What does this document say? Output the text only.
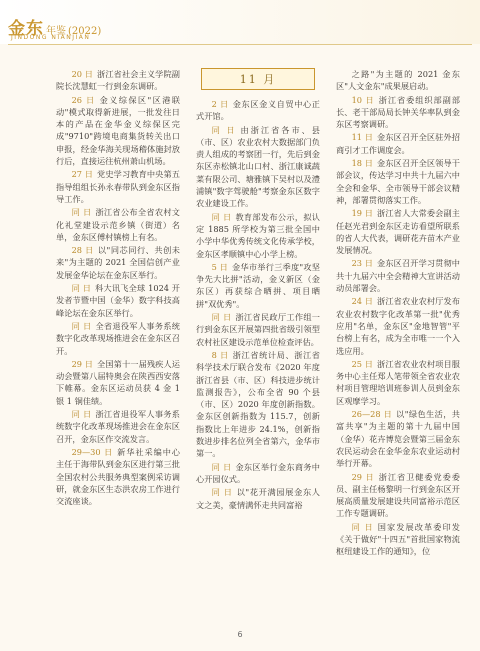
金东 年鉴 (2022)
JINDONG NIANJIAN

20 日 浙江省社会主义学院副院长沈慧虹一行到金东调研。

26 日 金义综保区"区港联动"模式取得新进展，一批发往日本的产品在金华金义综保区完成"9710"跨境电商集货转关出口申报，经金华海关现场稽体施封放行后，直接运往杭州萧山机场。

27 日 党史学习教育中央第五指导组组长孙永春带队到金东区指导工作。

同 日 浙江省公布全省农村文化礼堂建设示范乡镇（街道）名单，金东区傅村镇榜上有名。

28 日 以"同芯同行、共创未来"为主题的 2021 全国信创产业发展金华论坛在金东区举行。

同 日 科大讯飞全球 1024 开发者节暨中国（金华）数字科技高峰论坛在金东区举行。

同 日 全省退役军人事务系统数字化改革现场推进会在金东区召开。

29 日 全国第十一届残疾人运动会暨第八届特奥会在陕西西安落下帷幕。金东区运动员获 4 金 1 银 1 铜佳绩。

同 日 浙江省退役军人事务系统数字化改革现场推进会在金东区召开，金东区作交流发言。

29—30 日 新华社采编中心主任于海带队到金东区进行第三批全国农村公共服务典型案例采访调研，就金东区生态洪农房工作进行交流座谈。

11 月

2 日 金东区金义自贸中心正式开馆。

同 日 由浙江省各市、县（市、区）农业农村大数据部门负责人组成的考察团一行，先后到金东区赤松镇北山口村、浙江康诚蔬菜有限公司、塘雅镇下吴村以及澧浦镇"数字驾驶舱"考察金东区数字农业建设工作。

同 日 教育部发布公示，拟认定 1885 所学校为第三批全国中小学中华优秀传统文化传承学校，金东区孝顺镇中心小学上榜。

5 日 金华市举行三季度"攻坚争先大比拼"活动，金义新区（金东区）再获综合晒拼、项目晒拼"双优秀"。

同 日 浙江省民政厅工作组一行到金东区开展第四批省级引领型农村社区建设示范单位检查评估。

8 日 浙江省统计局、浙江省科学技术厅联合发布《2020 年度浙江省县（市、区）科技进步统计监测报告》，公布全省 90 个县（市、区）2020 年度创新指数。金东区创新指数为 115.7，创新指数比上年进步 24.1%，创新指数进步排名位列全省第六，金华市第一。

同 日 金东区举行金东商务中心开园仪式。

同 日 以"花开满园展金东人文之美，豪情满怀走共同富裕

之路"为主题的 2021 金东区"人文金东"成果展启动。

10 日 浙江省委组织部副部长、老干部局局长钟关华率队到金东区考察调研。

11 日 金东区召开全区驻外招商引才工作调度会。

18 日 金东区召开全区领导干部会议，传达学习中共十九届六中全会和金华、全市领导干部会议精神，部署贯彻落实工作。

19 日 浙江省人大常委会副主任赵光君到金东区走访看望所联系的省人大代表，调研花卉苗木产业发展情况。

23 日 金东区召开学习贯彻中共十九届六中全会精神大宣讲活动动员部署会。

24 日 浙江省农业农村厅发布农业农村数字化改革第一批"优秀应用"名单，金东区"金地智管"平台榜上有名，成为全市唯一一个入选应用。

25 日 浙江省农业农村项目服务中心主任郑人笔带领全省农业农村项目管理培训班参训人员到金东区观摩学习。

26—28 日 以"绿色生活，共富共享"为主题的第十九届中国（金华）花卉博览会暨第三届金东农民运动会在金华金东农业运动村举行开幕。

29 日 浙江省卫健委党委委员、副主任杨黎明一行到金东区开展高质量发展建设共同富裕示范区工作专题调研。

同 日 国家发展改革委印发《关于做好"十四五"首批国家物流枢纽建设工作的通知》，位

6
